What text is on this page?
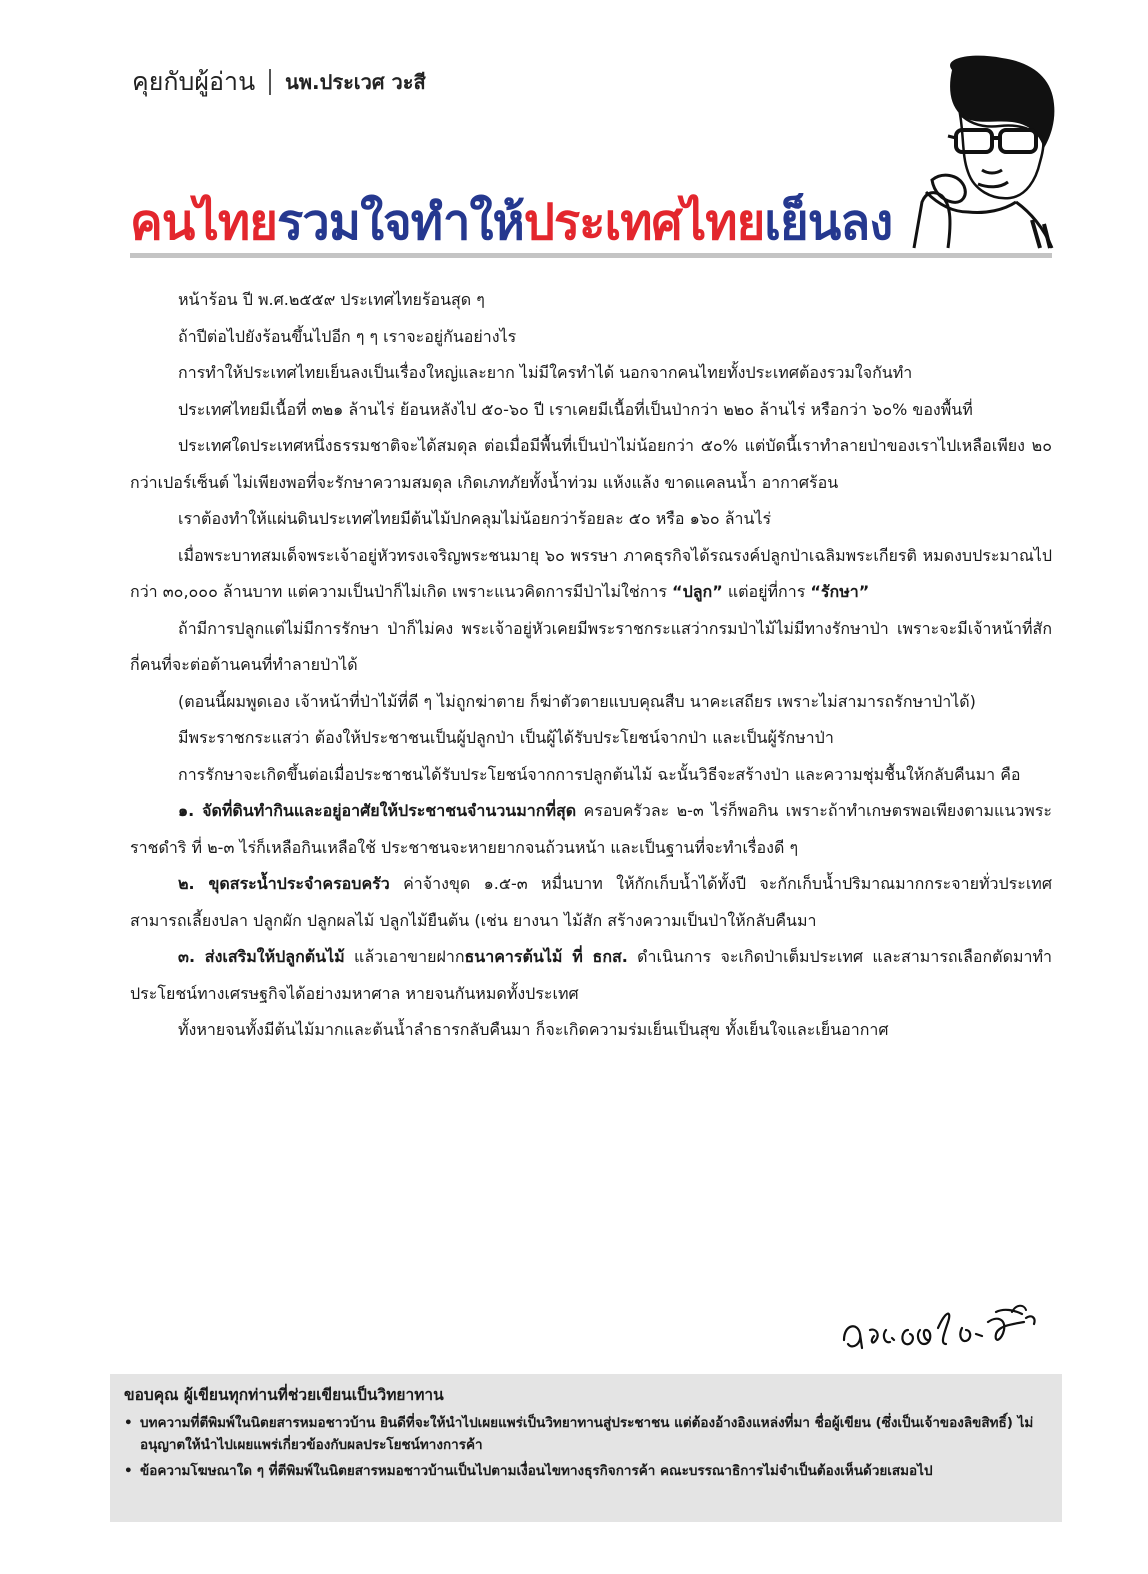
คุยกับผู้อ่าน นพ.ประเวศ วะสี
คนไทยรวมใจทำให้ประเทศไทยเย็นลง

หน้าร้อน ปี พ.ศ.๒๕๕๙ ประเทศไทยร้อนสุด ๆ

ถ้าปีต่อไปยังร้อนขึ้นไปอีก ๆ ๆ เราจะอยู่กันอย่างไร

การทำให้ประเทศไทยเย็นลงเป็นเรื่องใหญ่และยาก ไม่มีใครทำได้ นอกจากคนไทยทั้งประเทศต้องรวมใจกันทำ

ประเทศไทยมีเนื้อที่ ๓๒๑ ล้านไร่ ย้อนหลังไป ๕๐-๖๐ ปี เราเคยมีเนื้อที่เป็นป่ากว่า ๒๒๐ ล้านไร่ หรือกว่า ๖๐% ของพื้นที่

ประเทศใดประเทศหนึ่งธรรมชาติจะได้สมดุล ต่อเมื่อมีพื้นที่เป็นป่าไม่น้อยกว่า ๕๐% แต่บัดนี้เราทำลายป่าของเราไปเหลือเพียง ๒๐ กว่าเปอร์เซ็นต์ ไม่เพียงพอที่จะรักษาความสมดุล เกิดเภทภัยทั้งน้ำท่วม แห้งแล้ง ขาดแคลนน้ำ อากาศร้อน

เราต้องทำให้แผ่นดินประเทศไทยมีต้นไม้ปกคลุมไม่น้อยกว่าร้อยละ ๕๐ หรือ ๑๖๐ ล้านไร่

เมื่อพระบาทสมเด็จพระเจ้าอยู่หัวทรงเจริญพระชนมายุ ๖๐ พรรษา ภาคธุรกิจได้รณรงค์ปลูกป่าเฉลิมพระเกียรติ หมดงบประมาณไปกว่า ๓๐,๐๐๐ ล้านบาท แต่ความเป็นป่าก็ไม่เกิด เพราะแนวคิดการมีป่าไม่ใช่การ “ปลูก” แต่อยู่ที่การ “รักษา”

ถ้ามีการปลูกแต่ไม่มีการรักษา ป่าก็ไม่คง พระเจ้าอยู่หัวเคยมีพระราชกระแสว่ากรมป่าไม้ไม่มีทางรักษาป่า เพราะจะมีเจ้าหน้าที่สักกี่คนที่จะต่อต้านคนที่ทำลายป่าได้

(ตอนนี้ผมพูดเอง เจ้าหน้าที่ป่าไม้ที่ดี ๆ ไม่ถูกฆ่าตาย ก็ฆ่าตัวตายแบบคุณสืบ นาคะเสถียร เพราะไม่สามารถรักษาป่าได้)

มีพระราชกระแสว่า ต้องให้ประชาชนเป็นผู้ปลูกป่า เป็นผู้ได้รับประโยชน์จากป่า และเป็นผู้รักษาป่า

การรักษาจะเกิดขึ้นต่อเมื่อประชาชนได้รับประโยชน์จากการปลูกต้นไม้ ฉะนั้นวิธีจะสร้างป่า และความชุ่มชื้นให้กลับคืนมา คือ

๑. จัดที่ดินทำกินและอยู่อาศัยให้ประชาชนจำนวนมากที่สุด ครอบครัวละ ๒-๓ ไร่ก็พอกิน เพราะถ้าทำเกษตรพอเพียงตามแนวพระราชดำริ ที่ ๒-๓ ไร่ก็เหลือกินเหลือใช้ ประชาชนจะหายยากจนถ้วนหน้า และเป็นฐานที่จะทำเรื่องดี ๆ

๒. ขุดสระน้ำประจำครอบครัว ค่าจ้างขุด ๑.๕-๓ หมื่นบาท ให้กักเก็บน้ำได้ทั้งปี จะกักเก็บน้ำปริมาณมากกระจายทั่วประเทศ สามารถเลี้ยงปลา ปลูกผัก ปลูกผลไม้ ปลูกไม้ยืนต้น (เช่น ยางนา ไม้สัก สร้างความเป็นป่าให้กลับคืนมา

๓. ส่งเสริมให้ปลูกต้นไม้ แล้วเอาขายฝากธนาคารต้นไม้ ที่ ธกส. ดำเนินการ จะเกิดป่าเต็มประเทศ และสามารถเลือกตัดมาทำประโยชน์ทางเศรษฐกิจได้อย่างมหาศาล หายจนกันหมดทั้งประเทศ

ทั้งหายจนทั้งมีต้นไม้มากและต้นน้ำลำธารกลับคืนมา ก็จะเกิดความร่มเย็นเป็นสุข ทั้งเย็นใจและเย็นอากาศ

ขอบคุณ ผู้เขียนทุกท่านที่ช่วยเขียนเป็นวิทยาทาน
• บทความที่ตีพิมพ์ในนิตยสารหมอชาวบ้าน ยินดีที่จะให้นำไปเผยแพร่เป็นวิทยาทานสู่ประชาชน แต่ต้องอ้างอิงแหล่งที่มา ชื่อผู้เขียน (ซึ่งเป็นเจ้าของลิขสิทธิ์) ไม่อนุญาตให้นำไปเผยแพร่เกี่ยวข้องกับผลประโยชน์ทางการค้า
• ข้อความโฆษณาใด ๆ ที่ตีพิมพ์ในนิตยสารหมอชาวบ้านเป็นไปตามเงื่อนไขทางธุรกิจการค้า คณะบรรณาธิการไม่จำเป็นต้องเห็นด้วยเสมอไป
